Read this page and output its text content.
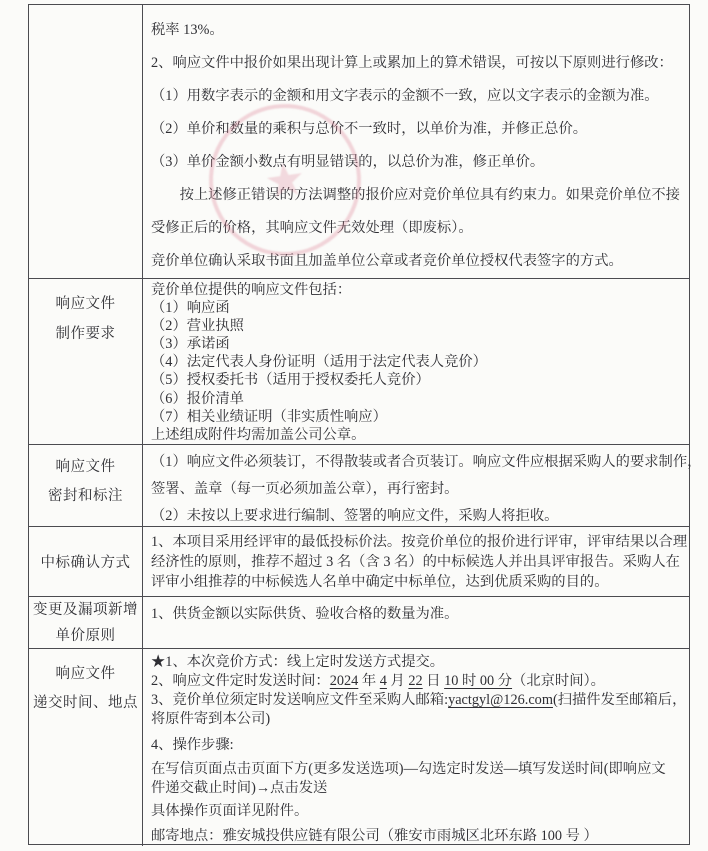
★
税率 13%。
2、响应文件中报价如果出现计算上或累加上的算术错误，可按以下原则进行修改：
（1）用数字表示的金额和用文字表示的金额不一致，应以文字表示的金额为准。
（2）单价和数量的乘积与总价不一致时，以单价为准，并修正总价。
（3）单价金额小数点有明显错误的，以总价为准，修正单价。
按上述修正错误的方法调整的报价应对竞价单位具有约束力。如果竞价单位不接
受修正后的价格，其响应文件无效处理（即废标）。
竞价单位确认采取书面且加盖单位公章或者竞价单位授权代表签字的方式。
响应文件
制作要求
竞价单位提供的响应文件包括：
（1）响应函
（2）营业执照
（3）承诺函
（4）法定代表人身份证明（适用于法定代表人竞价）
（5）授权委托书（适用于授权委托人竞价）
（6）报价清单
（7）相关业绩证明（非实质性响应）
上述组成附件均需加盖公司公章。
响应文件
密封和标注
（1）响应文件必须装订，不得散装或者合页装订。响应文件应根据采购人的要求制作，
签署、盖章（每一页必须加盖公章），再行密封。
（2）未按以上要求进行编制、签署的响应文件，采购人将拒收。
中标确认方式
1、本项目采用经评审的最低投标价法。按竞价单位的报价进行评审，评审结果以合理
经济性的原则，推荐不超过 3 名（含 3 名）的中标候选人并出具评审报告。采购人在
评审小组推荐的中标候选人名单中确定中标单位，达到优质采购的目的。
变更及漏项新增
单价原则
1、供货金额以实际供货、验收合格的数量为准。
响应文件
递交时间、地点
★1、本次竞价方式：线上定时发送方式提交。
2、响应文件定时发送时间：2024 年 4 月 22 日 10 时 00 分（北京时间）。
3、竞价单位须定时发送响应文件至采购人邮箱:yactgyl@126.com(扫描件发至邮箱后，
将原件寄到本公司)
4、操作步骤:
在写信页面点击页面下方(更多发送选项)—勾选定时发送—填写发送时间(即响应文
件递交截止时间)→点击发送
具体操作页面详见附件。
邮寄地点：雅安城投供应链有限公司（雅安市雨城区北环东路 100 号 ）
